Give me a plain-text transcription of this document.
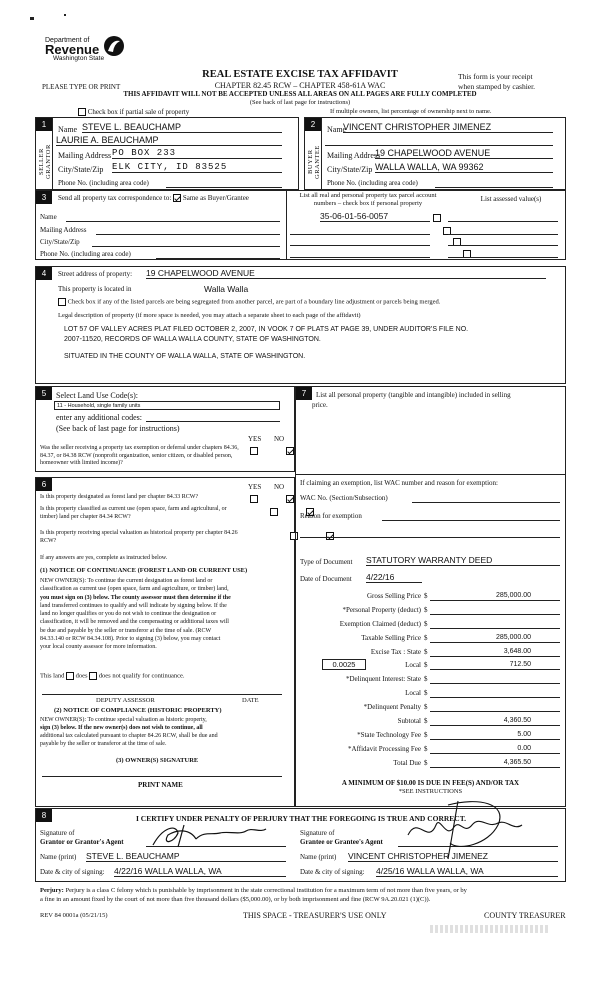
Department of
Revenue
Washington State
PLEASE TYPE OR PRINT
REAL ESTATE EXCISE TAX AFFIDAVIT
CHAPTER 82.45 RCW – CHAPTER 458-61A WAC
THIS AFFIDAVIT WILL NOT BE ACCEPTED UNLESS ALL AREAS ON ALL PAGES ARE FULLY COMPLETED
(See back of last page for instructions)
This form is your receipt
when stamped by cashier.
Check box if partial sale of property	If multiple owners, list percentage of ownership next to name.
1
SELLER GRANTOR
Name STEVE L. BEAUCHAMP
LAURIE A. BEAUCHAMP
Mailing Address PO BOX 233
City/State/Zip ELK CITY, ID 83525
Phone No. (including area code)
2
BUYER GRANTEE
Name
VINCENT CHRISTOPHER JIMENEZ
Mailing Address
19 CHAPELWOOD AVENUE
City/State/Zip WALLA WALLA, WA 99362
Phone No. (including area code)
3	Send all property tax correspondence to: Same as Buyer/Grantee	List all real and personal property tax parcel account numbers – check box if personal property
List assessed value(s)
Name
Mailing Address
City/State/Zip
Phone No. (including area code)
35-06-01-56-0057

4	Street address of property: 19 CHAPELWOOD AVENUE
This property is located in	Walla Walla
Check box if any of the listed parcels are being segregated from another parcel, are part of a boundary line adjustment or parcels being merged.
Legal description of property (if more space is needed, you may attach a separate sheet to each page of the affidavit)
LOT 57 OF VALLEY ACRES PLAT FILED OCTOBER 2, 2007, IN VOOK 7 OF PLATS AT PAGE 39, UNDER AUDITOR'S FILE NO.
2007-11520, RECORDS OF WALLA WALLA COUNTY, STATE OF WASHINGTON.
SITUATED IN THE COUNTY OF WALLA WALLA, STATE OF WASHINGTON.
5	Select Land Use Code(s):
11 - Household, single family units
enter any additional codes:
(See back of last page for instructions)
YES NO
Was the seller receiving a property tax exemption or deferral under chapters 84.36, 84.37, or 84.38 RCW (nonprofit organization, senior citizen, or disabled person, homeowner with limited income)?

6	YES NO
Is this property designated as forest land per chapter 84.33 RCW?

Is this property classified as current use (open space, farm and agricultural, or timber) land per chapter 84.34 RCW?

Is this property receiving special valuation as historical property per chapter 84.26 RCW?

If any answers are yes, complete as instructed below.
(1) NOTICE OF CONTINUANCE (FOREST LAND OR CURRENT USE)
NEW OWNER(S): To continue the current designation as forest land or
classification as current use (open space, farm and agriculture, or timber) land,
you must sign on (3) below. The county assessor must then determine if the
land transferred continues to qualify and will indicate by signing below. If the
land no longer qualifies or you do not wish to continue the designation or
classification, it will be removed and the compensating or additional taxes will
be due and payable by the seller or transferor at the time of sale. (RCW
84.33.140 or RCW 84.34.108). Prior to signing (3) below, you may contact
your local county assessor for more information.
This land does does not qualify for continuance.
DEPUTY ASSESSOR	DATE
(2) NOTICE OF COMPLIANCE (HISTORIC PROPERTY)
NEW OWNER(S): To continue special valuation as historic property,
sign (3) below. If the new owner(s) does not wish to continue, all
additional tax calculated pursuant to chapter 84.26 RCW, shall be due and
payable by the seller or transferor at the time of sale.
(3) OWNER(S) SIGNATURE
PRINT NAME
7	List all personal property (tangible and intangible) included in selling
price.
If claiming an exemption, list WAC number and reason for exemption:
WAC No. (Section/Subsection)
Reason for exemption
Type of Document STATUTORY WARRANTY DEED
Date of Document 4/22/16
Gross Selling Price $	285,000.00
*Personal Property (deduct) $
Exemption Claimed (deduct) $
Taxable Selling Price $	285,000.00
Excise Tax : State $	3,648.00
0.0025	Local $	712.50
*Delinquent Interest: State $
Local $
*Delinquent Penalty $
Subtotal $	4,360.50
*State Technology Fee $	5.00
*Affidavit Processing Fee $	0.00
Total Due $	4,365.50
A MINIMUM OF $10.00 IS DUE IN FEE(S) AND/OR TAX
*SEE INSTRUCTIONS
8	I CERTIFY UNDER PENALTY OF PERJURY THAT THE FOREGOING IS TRUE AND CORRECT.
Signature of
Grantor or Grantor's Agent
Name (print) STEVE L. BEAUCHAMP
Date & city of signing: 4/22/16 WALLA WALLA, WA
Signature of
Grantee or Grantee's Agent
Name (print) VINCENT CHRISTOPHER JIMENEZ
Date & city of signing: 4/25/16 WALLA WALLA, WA
Perjury: Perjury is a class C felony which is punishable by imprisonment in the state correctional institution for a maximum term of not more than five years, or by
a fine in an amount fixed by the court of not more than five thousand dollars ($5,000.00), or by both imprisonment and fine (RCW 9A.20.021 (1)(C)).
REV 84 0001a (05/21/15)	THIS SPACE - TREASURER'S USE ONLY	COUNTY TREASURER
